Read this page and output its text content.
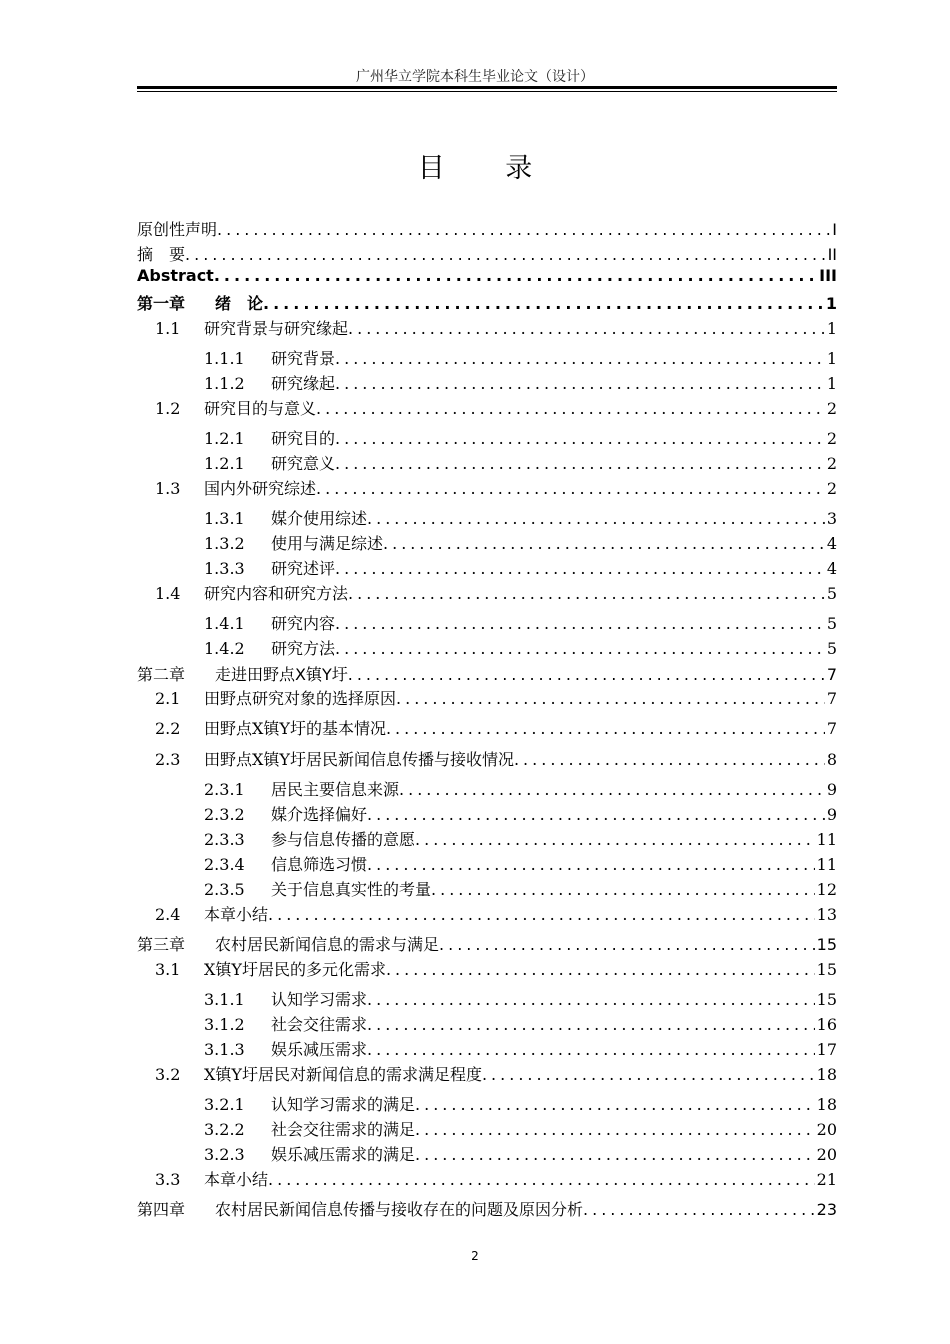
广州华立学院本科生毕业论文（设计）
目 录
原创性声明 .....	I
摘　要 .....	II
Abstract .....	III
第一章	绪　论 .....	1
1.1	研究背景与研究缘起 .....	1
1.1.1	研究背景 .....	1
1.1.2	研究缘起 .....	1
1.2	研究目的与意义 .....	2
1.2.1	研究目的 .....	2
1.2.1	研究意义 .....	2
1.3	国内外研究综述 .....	2
1.3.1	媒介使用综述 .....	3
1.3.2	使用与满足综述 .....	4
1.3.3	研究述评 .....	4
1.4	研究内容和研究方法 .....	5
1.4.1	研究内容 .....	5
1.4.2	研究方法 .....	5
第二章	走进田野点X镇Y圩 .....	7
2.1	田野点研究对象的选择原因 .....	7
2.2	田野点X镇Y圩的基本情况 .....	7
2.3	田野点X镇Y圩居民新闻信息传播与接收情况 .....	8
2.3.1	居民主要信息来源 .....	9
2.3.2	媒介选择偏好 .....	9
2.3.3	参与信息传播的意愿 .....	11
2.3.4	信息筛选习惯 .....	11
2.3.5	关于信息真实性的考量 .....	12
2.4	本章小结 .....	13
第三章	农村居民新闻信息的需求与满足 .....	15
3.1	X镇Y圩居民的多元化需求 .....	15
3.1.1	认知学习需求 .....	15
3.1.2	社会交往需求 .....	16
3.1.3	娱乐减压需求 .....	17
3.2	X镇Y圩居民对新闻信息的需求满足程度 .....	18
3.2.1	认知学习需求的满足 .....	18
3.2.2	社会交往需求的满足 .....	20
3.2.3	娱乐减压需求的满足 .....	20
3.3	本章小结 .....	21
第四章	农村居民新闻信息传播与接收存在的问题及原因分析 .....	23
2
